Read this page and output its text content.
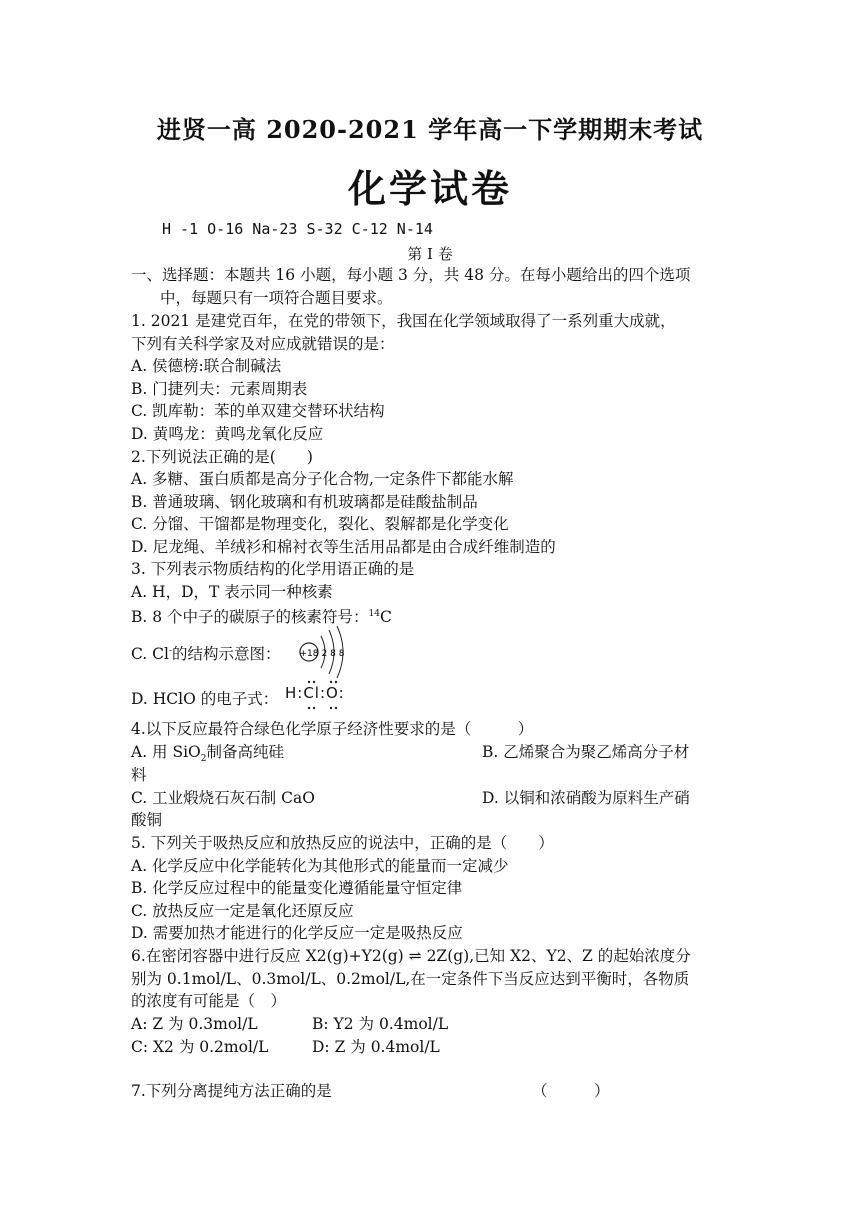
进贤一高 2020-2021 学年高一下学期期末考试
化学试卷
H -1 O-16 Na-23 S-32 C-12 N-14
第 I 卷
一、选择题：本题共 16 小题，每小题 3 分，共 48 分。在每小题给出的四个选项
中，每题只有一项符合题目要求。
1. 2021 是建党百年，在党的带领下，我国在化学领域取得了一系列重大成就，
下列有关科学家及对应成就错误的是：
A. 侯德榜:联合制碱法
B. 门捷列夫：元素周期表
C. 凯库勒：苯的单双建交替环状结构
D. 黄鸣龙：黄鸣龙氧化反应
2.下列说法正确的是(　　)
A. 多糖、蛋白质都是高分子化合物,一定条件下都能水解
B. 普通玻璃、钢化玻璃和有机玻璃都是硅酸盐制品
C. 分馏、干馏都是物理变化，裂化、裂解都是化学变化
D. 尼龙绳、羊绒衫和棉衬衣等生活用品都是由合成纤维制造的
3. 下列表示物质结构的化学用语正确的是
A. H，D，T 表示同一种核素
B. 8 个中子的碳原子的核素符号：$^{14}$C
C. Cl-的结构示意图： +18 2 8 8
D. HClO 的电子式： H:Cl:O:
4.以下反应最符合绿色化学原子经济性要求的是（　　　）
A. 用 SiO$_2$制备高纯硅	B. 乙烯聚合为聚乙烯高分子材
料
C. 工业煅烧石灰石制 CaO	D. 以铜和浓硝酸为原料生产硝
酸铜
5. 下列关于吸热反应和放热反应的说法中，正确的是（　　）
A. 化学反应中化学能转化为其他形式的能量而一定减少
B. 化学反应过程中的能量变化遵循能量守恒定律
C. 放热反应一定是氧化还原反应
D. 需要加热才能进行的化学反应一定是吸热反应
6.在密闭容器中进行反应 X2(g)+Y2(g) ⇌ 2Z(g),已知 X2、Y2、Z 的起始浓度分
别为 0.1mol/L、0.3mol/L、0.2mol/L,在一定条件下当反应达到平衡时，各物质
的浓度有可能是（　）
A: Z 为 0.3mol/L	B: Y2 为 0.4mol/L
C: X2 为 0.2mol/L	D: Z 为 0.4mol/L
7.下列分离提纯方法正确的是	（　　　）
